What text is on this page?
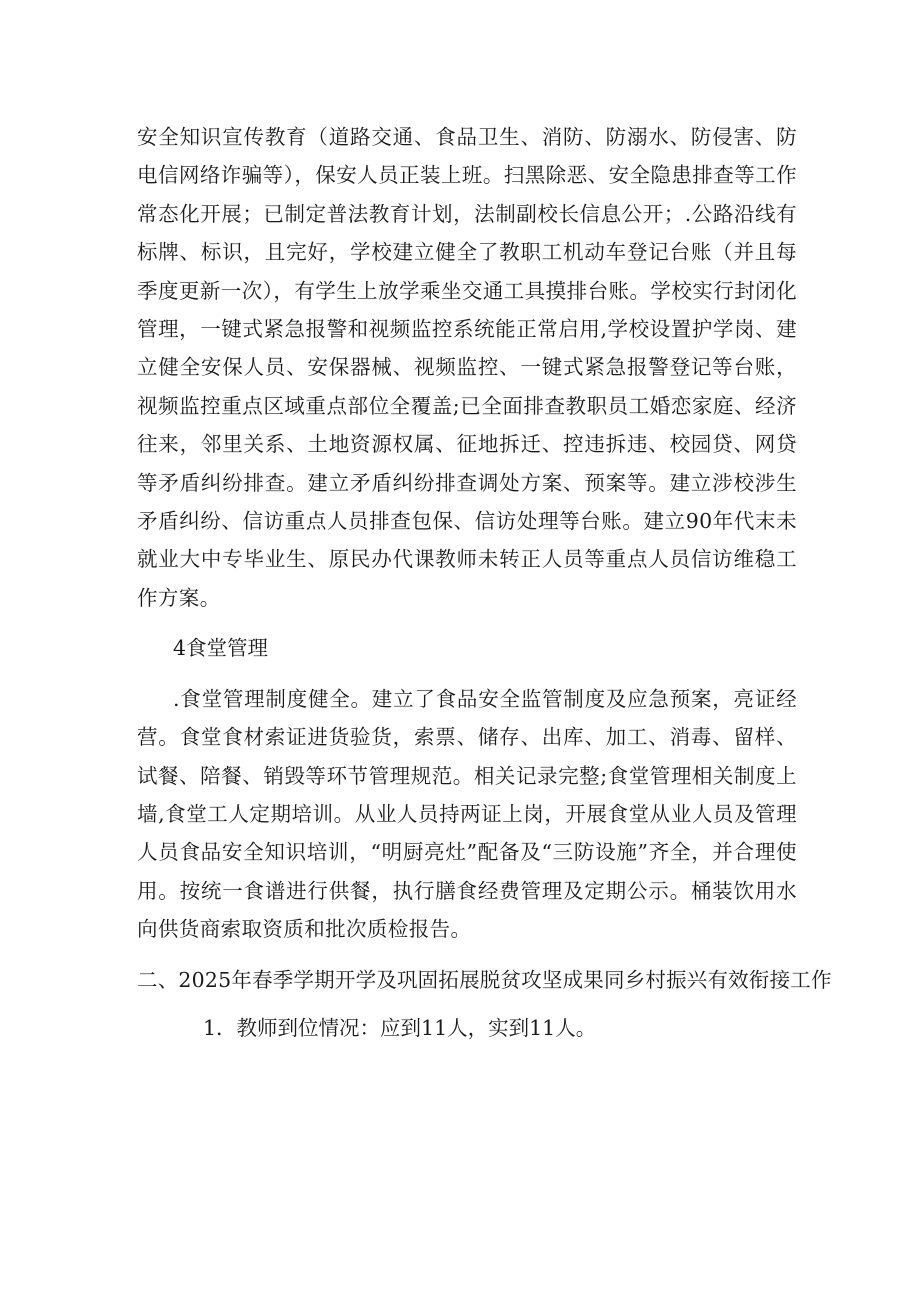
安全知识宣传教育（道路交通、食品卫生、消防、防溺水、防侵害、防电信网络诈骗等），保安人员正装上班。扫黑除恶、安全隐患排查等工作常态化开展；已制定普法教育计划，法制副校长信息公开；.公路沿线有标牌、标识，且完好，学校建立健全了教职工机动车登记台账（并且每季度更新一次），有学生上放学乘坐交通工具摸排台账。学校实行封闭化管理，一键式紧急报警和视频监控系统能正常启用,学校设置护学岗、建立健全安保人员、安保器械、视频监控、一键式紧急报警登记等台账，视频监控重点区域重点部位全覆盖;已全面排查教职员工婚恋家庭、经济往来，邻里关系、土地资源权属、征地拆迁、控违拆违、校园贷、网贷等矛盾纠纷排查。建立矛盾纠纷排查调处方案、预案等。建立涉校涉生矛盾纠纷、信访重点人员排查包保、信访处理等台账。建立90年代末未就业大中专毕业生、原民办代课教师未转正人员等重点人员信访维稳工作方案。

4食堂管理

.食堂管理制度健全。建立了食品安全监管制度及应急预案，亮证经营。食堂食材索证进货验货，索票、储存、出库、加工、消毒、留样、试餐、陪餐、销毁等环节管理规范。相关记录完整;食堂管理相关制度上墙,食堂工人定期培训。从业人员持两证上岗，开展食堂从业人员及管理人员食品安全知识培训，“明厨亮灶”配备及“三防设施”齐全，并合理使用。按统一食谱进行供餐，执行膳食经费管理及定期公示。桶装饮用水向供货商索取资质和批次质检报告。

二、2025年春季学期开学及巩固拓展脱贫攻坚成果同乡村振兴有效衔接工作

1．教师到位情况：应到11人，实到11人。
